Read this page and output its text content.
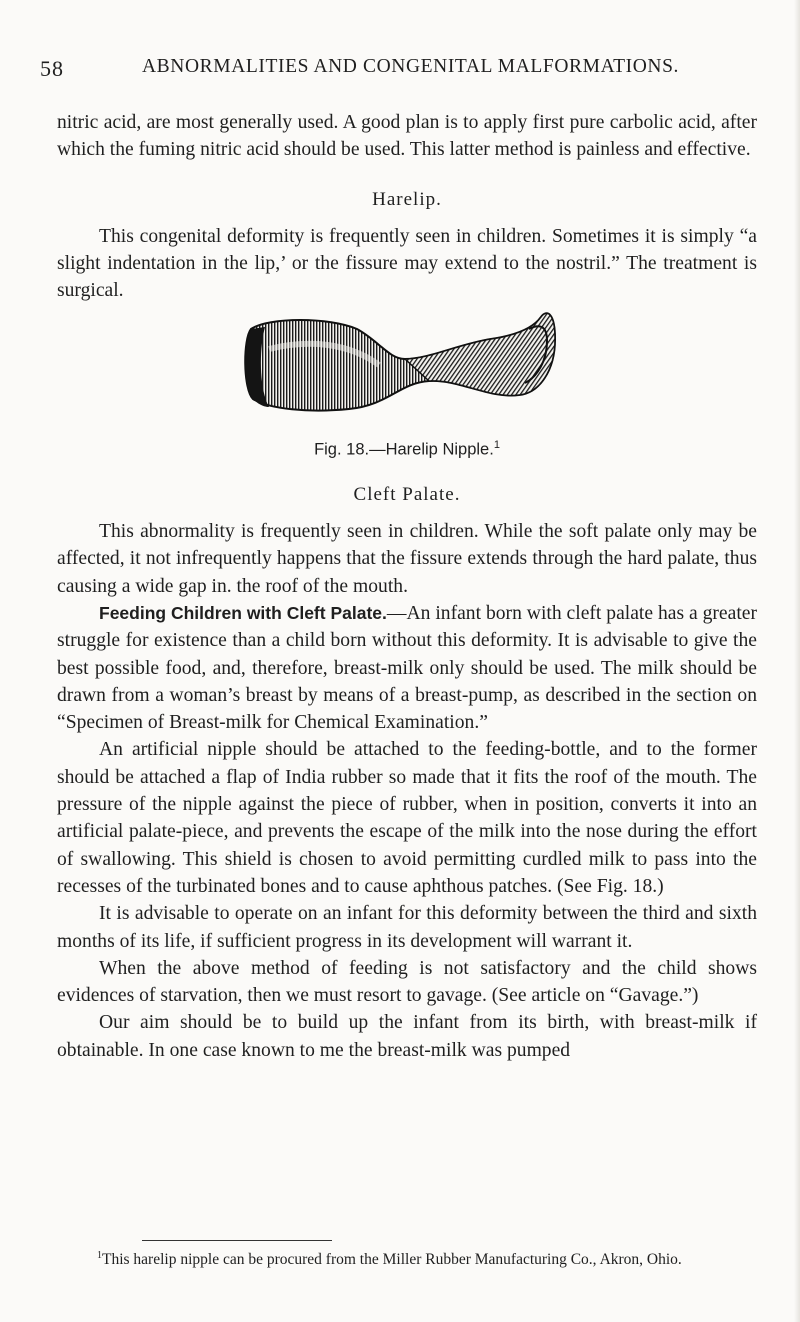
58	ABNORMALITIES AND CONGENITAL MALFORMATIONS.

nitric acid, are most generally used. A good plan is to apply first pure carbolic acid, after which the fuming nitric acid should be used. This latter method is painless and effective.

Harelip.

This congenital deformity is frequently seen in children. Sometimes it is simply “a slight indentation in the lip,’ or the fissure may extend to the nostril.” The treatment is surgical.

Fig. 18.—Harelip Nipple.$^1$
Cleft Palate.

This abnormality is frequently seen in children. While the soft palate only may be affected, it not infrequently happens that the fissure extends through the hard palate, thus causing a wide gap in. the roof of the mouth.

Feeding Children with Cleft Palate.—An infant born with cleft palate has a greater struggle for existence than a child born without this deformity. It is advisable to give the best possible food, and, therefore, breast-milk only should be used. The milk should be drawn from a woman’s breast by means of a breast-pump, as described in the section on “Specimen of Breast-milk for Chemical Examination.”

An artificial nipple should be attached to the feeding-bottle, and to the former should be attached a flap of India rubber so made that it fits the roof of the mouth. The pressure of the nipple against the piece of rubber, when in position, converts it into an artificial palate-piece, and prevents the escape of the milk into the nose during the effort of swallowing. This shield is chosen to avoid permitting curdled milk to pass into the recesses of the turbinated bones and to cause aphthous patches. (See Fig. 18.)

It is advisable to operate on an infant for this deformity between the third and sixth months of its life, if sufficient progress in its development will warrant it.

When the above method of feeding is not satisfactory and the child shows evidences of starvation, then we must resort to gavage. (See article on “Gavage.”)

Our aim should be to build up the infant from its birth, with breast-milk if obtainable. In one case known to me the breast-milk was pumped

$^1$This harelip nipple can be procured from the Miller Rubber Manufacturing Co., Akron, Ohio.
